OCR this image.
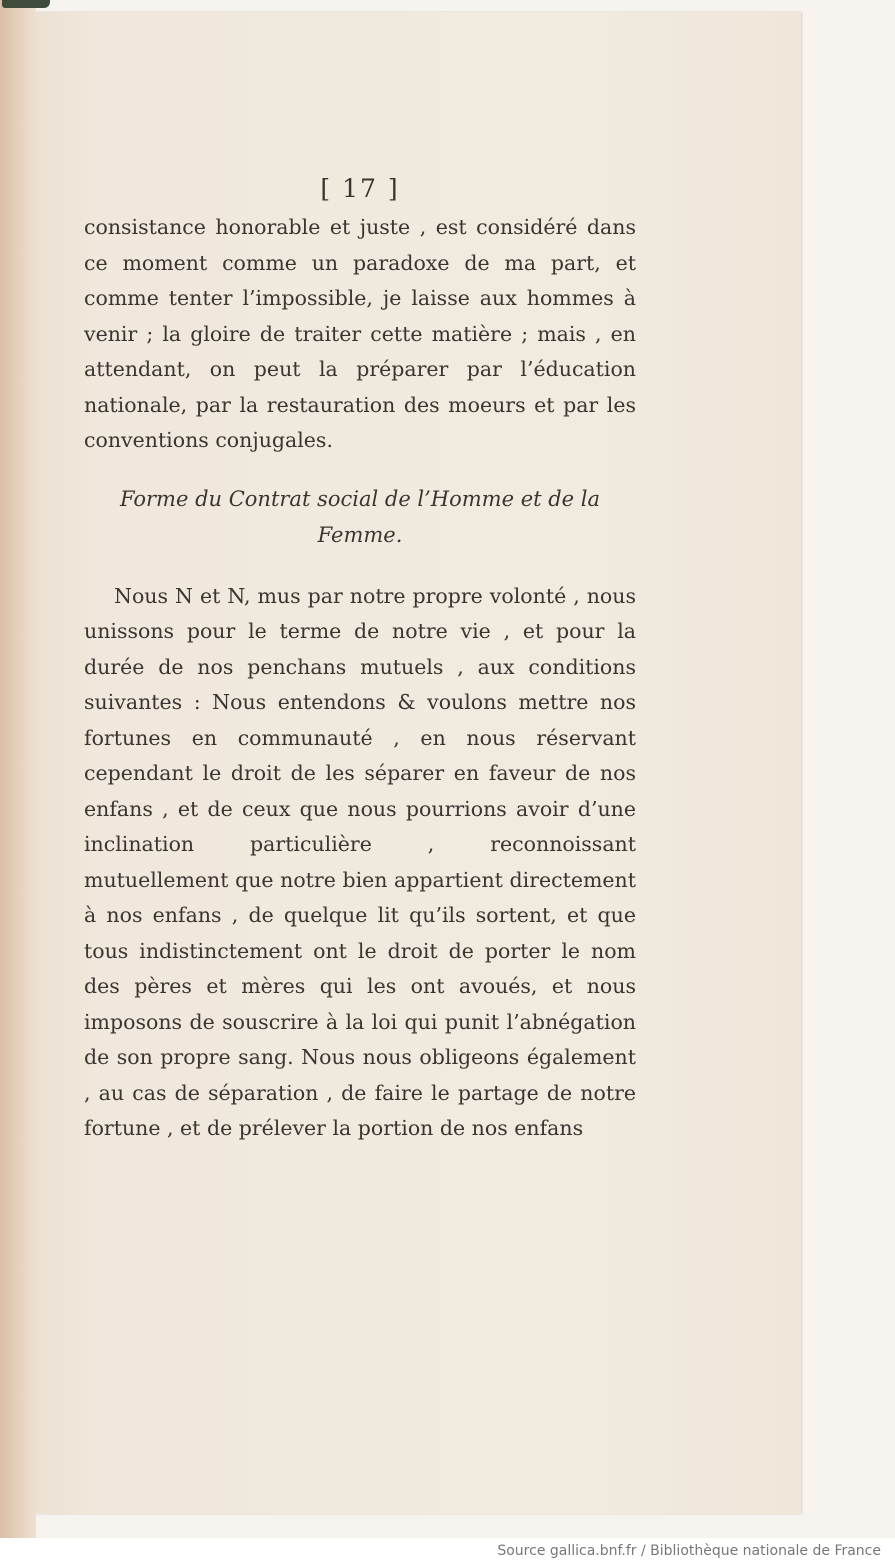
[ 17 ]

consistance honorable et juste , est considéré dans ce moment comme un paradoxe de ma part, et comme tenter l’impossible, je laisse aux hommes à venir ; la gloire de traiter cette matière ; mais , en attendant, on peut la préparer par l’éducation nationale, par la restauration des moeurs et par les conventions conjugales.

Forme du Contrat social de l’Homme et de la Femme.

Nous N et N, mus par notre propre volonté , nous unissons pour le terme de notre vie , et pour la durée de nos penchans mutuels , aux conditions suivantes : Nous entendons & voulons mettre nos fortunes en communauté , en nous réservant cependant le droit de les séparer en faveur de nos enfans , et de ceux que nous pourrions avoir d’une inclination particulière , reconnoissant mutuellement que notre bien appartient directement à nos enfans , de quelque lit qu’ils sortent, et que tous indistinctement ont le droit de porter le nom des pères et mères qui les ont avoués, et nous imposons de souscrire à la loi qui punit l’abnégation de son propre sang. Nous nous obligeons également , au cas de séparation , de faire le partage de notre fortune , et de prélever la portion de nos enfans

Source gallica.bnf.fr / Bibliothèque nationale de France
